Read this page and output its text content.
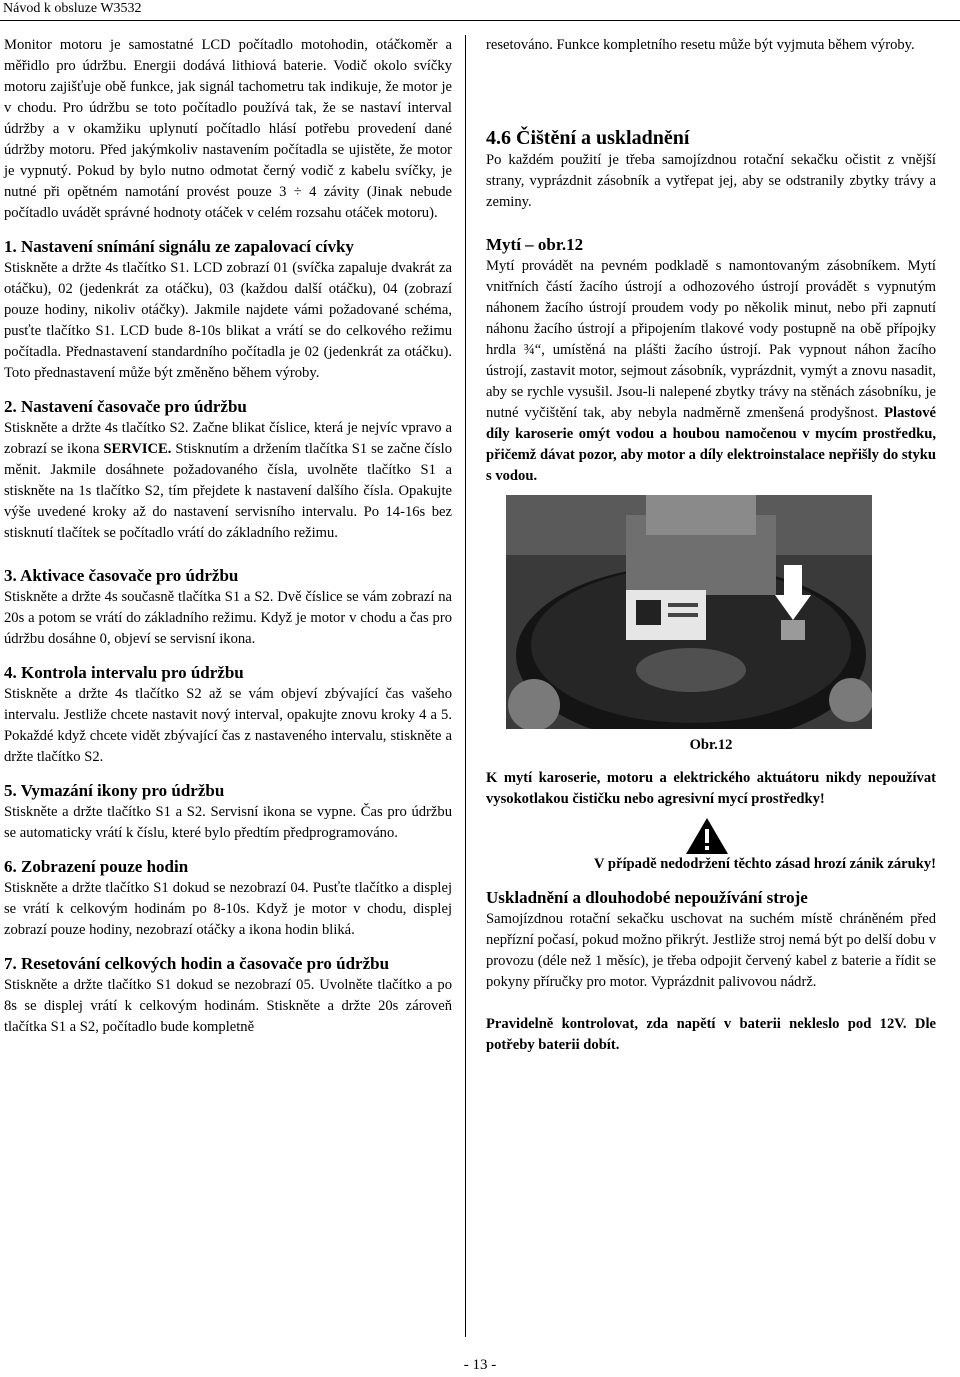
Návod k obsluze W3532

Monitor motoru je samostatné LCD počítadlo motohodin, otáčkoměr a měřidlo pro údržbu. Energii dodává lithiová baterie. Vodič okolo svíčky motoru zajišťuje obě funkce, jak signál tachometru tak indikuje, že motor je v chodu. Pro údržbu se toto počítadlo používá tak, že se nastaví interval údržby a v okamžiku uplynutí počítadlo hlásí potřebu provedení dané údržby motoru. Před jakýmkoliv nastavením počítadla se ujistěte, že motor je vypnutý. Pokud by bylo nutno odmotat černý vodič z kabelu svíčky, je nutné při opětném namotání provést pouze 3 ÷ 4 závity (Jinak nebude počítadlo uvádět správné hodnoty otáček v celém rozsahu otáček motoru).

1. Nastavení snímání signálu ze zapalovací cívky

Stiskněte a držte 4s tlačítko S1. LCD zobrazí 01 (svíčka zapaluje dvakrát za otáčku), 02 (jedenkrát za otáčku), 03 (každou další otáčku), 04 (zobrazí pouze hodiny, nikoliv otáčky). Jakmile najdete vámi požadované schéma, pusťte tlačítko S1. LCD bude 8-10s blikat a vrátí se do celkového režimu počítadla. Přednastavení standardního počítadla je 02 (jedenkrát za otáčku). Toto přednastavení může být změněno během výroby.

2. Nastavení časovače pro údržbu

Stiskněte a držte 4s tlačítko S2. Začne blikat číslice, která je nejvíc vpravo a zobrazí se ikona SERVICE. Stisknutím a držením tlačítka S1 se začne číslo měnit. Jakmile dosáhnete požadovaného čísla, uvolněte tlačítko S1 a stiskněte na 1s tlačítko S2, tím přejdete k nastavení dalšího čísla. Opakujte výše uvedené kroky až do nastavení servisního intervalu. Po 14-16s bez stisknutí tlačítek se počítadlo vrátí do základního režimu.

3. Aktivace časovače pro údržbu

Stiskněte a držte 4s současně tlačítka S1 a S2. Dvě číslice se vám zobrazí na 20s a potom se vrátí do základního režimu. Když je motor v chodu a čas pro údržbu dosáhne 0, objeví se servisní ikona.

4. Kontrola intervalu pro údržbu

Stiskněte a držte 4s tlačítko S2 až se vám objeví zbývající čas vašeho intervalu. Jestliže chcete nastavit nový interval, opakujte znovu kroky 4 a 5. Pokaždé když chcete vidět zbývající čas z nastaveného intervalu, stiskněte a držte tlačítko S2.

5. Vymazání ikony pro údržbu

Stiskněte a držte tlačítko S1 a S2. Servisní ikona se vypne. Čas pro údržbu se automaticky vrátí k číslu, které bylo předtím předprogramováno.

6. Zobrazení pouze hodin

Stiskněte a držte tlačítko S1 dokud se nezobrazí 04. Pusťte tlačítko a displej se vrátí k celkovým hodinám po 8-10s. Když je motor v chodu, displej zobrazí pouze hodiny, nezobrazí otáčky a ikona hodin bliká.

7. Resetování celkových hodin a časovače pro údržbu

Stiskněte a držte tlačítko S1 dokud se nezobrazí 05. Uvolněte tlačítko a po 8s se displej vrátí k celkovým hodinám. Stiskněte a držte 20s zároveň tlačítka S1 a S2, počítadlo bude kompletně

resetováno. Funkce kompletního resetu může být vyjmuta během výroby.

4.6 Čištění a uskladnění

Po každém použití je třeba samojízdnou rotační sekačku očistit z vnější strany, vyprázdnit zásobník a vytřepat jej, aby se odstranily zbytky trávy a zeminy.

Mytí – obr.12

Mytí provádět na pevném podkladě s namontovaným zásobníkem. Mytí vnitřních částí žacího ústrojí a odhozového ústrojí provádět s vypnutým náhonem žacího ústrojí proudem vody po několik minut, nebo při zapnutí náhonu žacího ústrojí a připojením tlakové vody postupně na obě přípojky hrdla ¾“, umístěná na plášti žacího ústrojí. Pak vypnout náhon žacího ústrojí, zastavit motor, sejmout zásobník, vyprázdnit, vymýt a znovu nasadit, aby se rychle vysušil. Jsou-li nalepené zbytky trávy na stěnách zásobníku, je nutné vyčištění tak, aby nebyla nadměrně zmenšená prodyšnost. Plastové díly karoserie omýt vodou a houbou namočenou v mycím prostředku, přičemž dávat pozor, aby motor a díly elektroinstalace nepřišly do styku s vodou.

Obr.12

K mytí karoserie, motoru a elektrického aktuátoru nikdy nepoužívat vysokotlakou čističku nebo agresivní mycí prostředky!

V případě nedodržení těchto zásad hrozí zánik záruky!
Uskladnění a dlouhodobé nepoužívání stroje

Samojízdnou rotační sekačku uschovat na suchém místě chráněném před nepřízní počasí, pokud možno přikrýt. Jestliže stroj nemá být po delší dobu v provozu (déle než 1 měsíc), je třeba odpojit červený kabel z baterie a řídit se pokyny příručky pro motor. Vyprázdnit palivovou nádrž.

Pravidelně kontrolovat, zda napětí v baterii nekleslo pod 12V. Dle potřeby baterii dobít.

- 13 -
